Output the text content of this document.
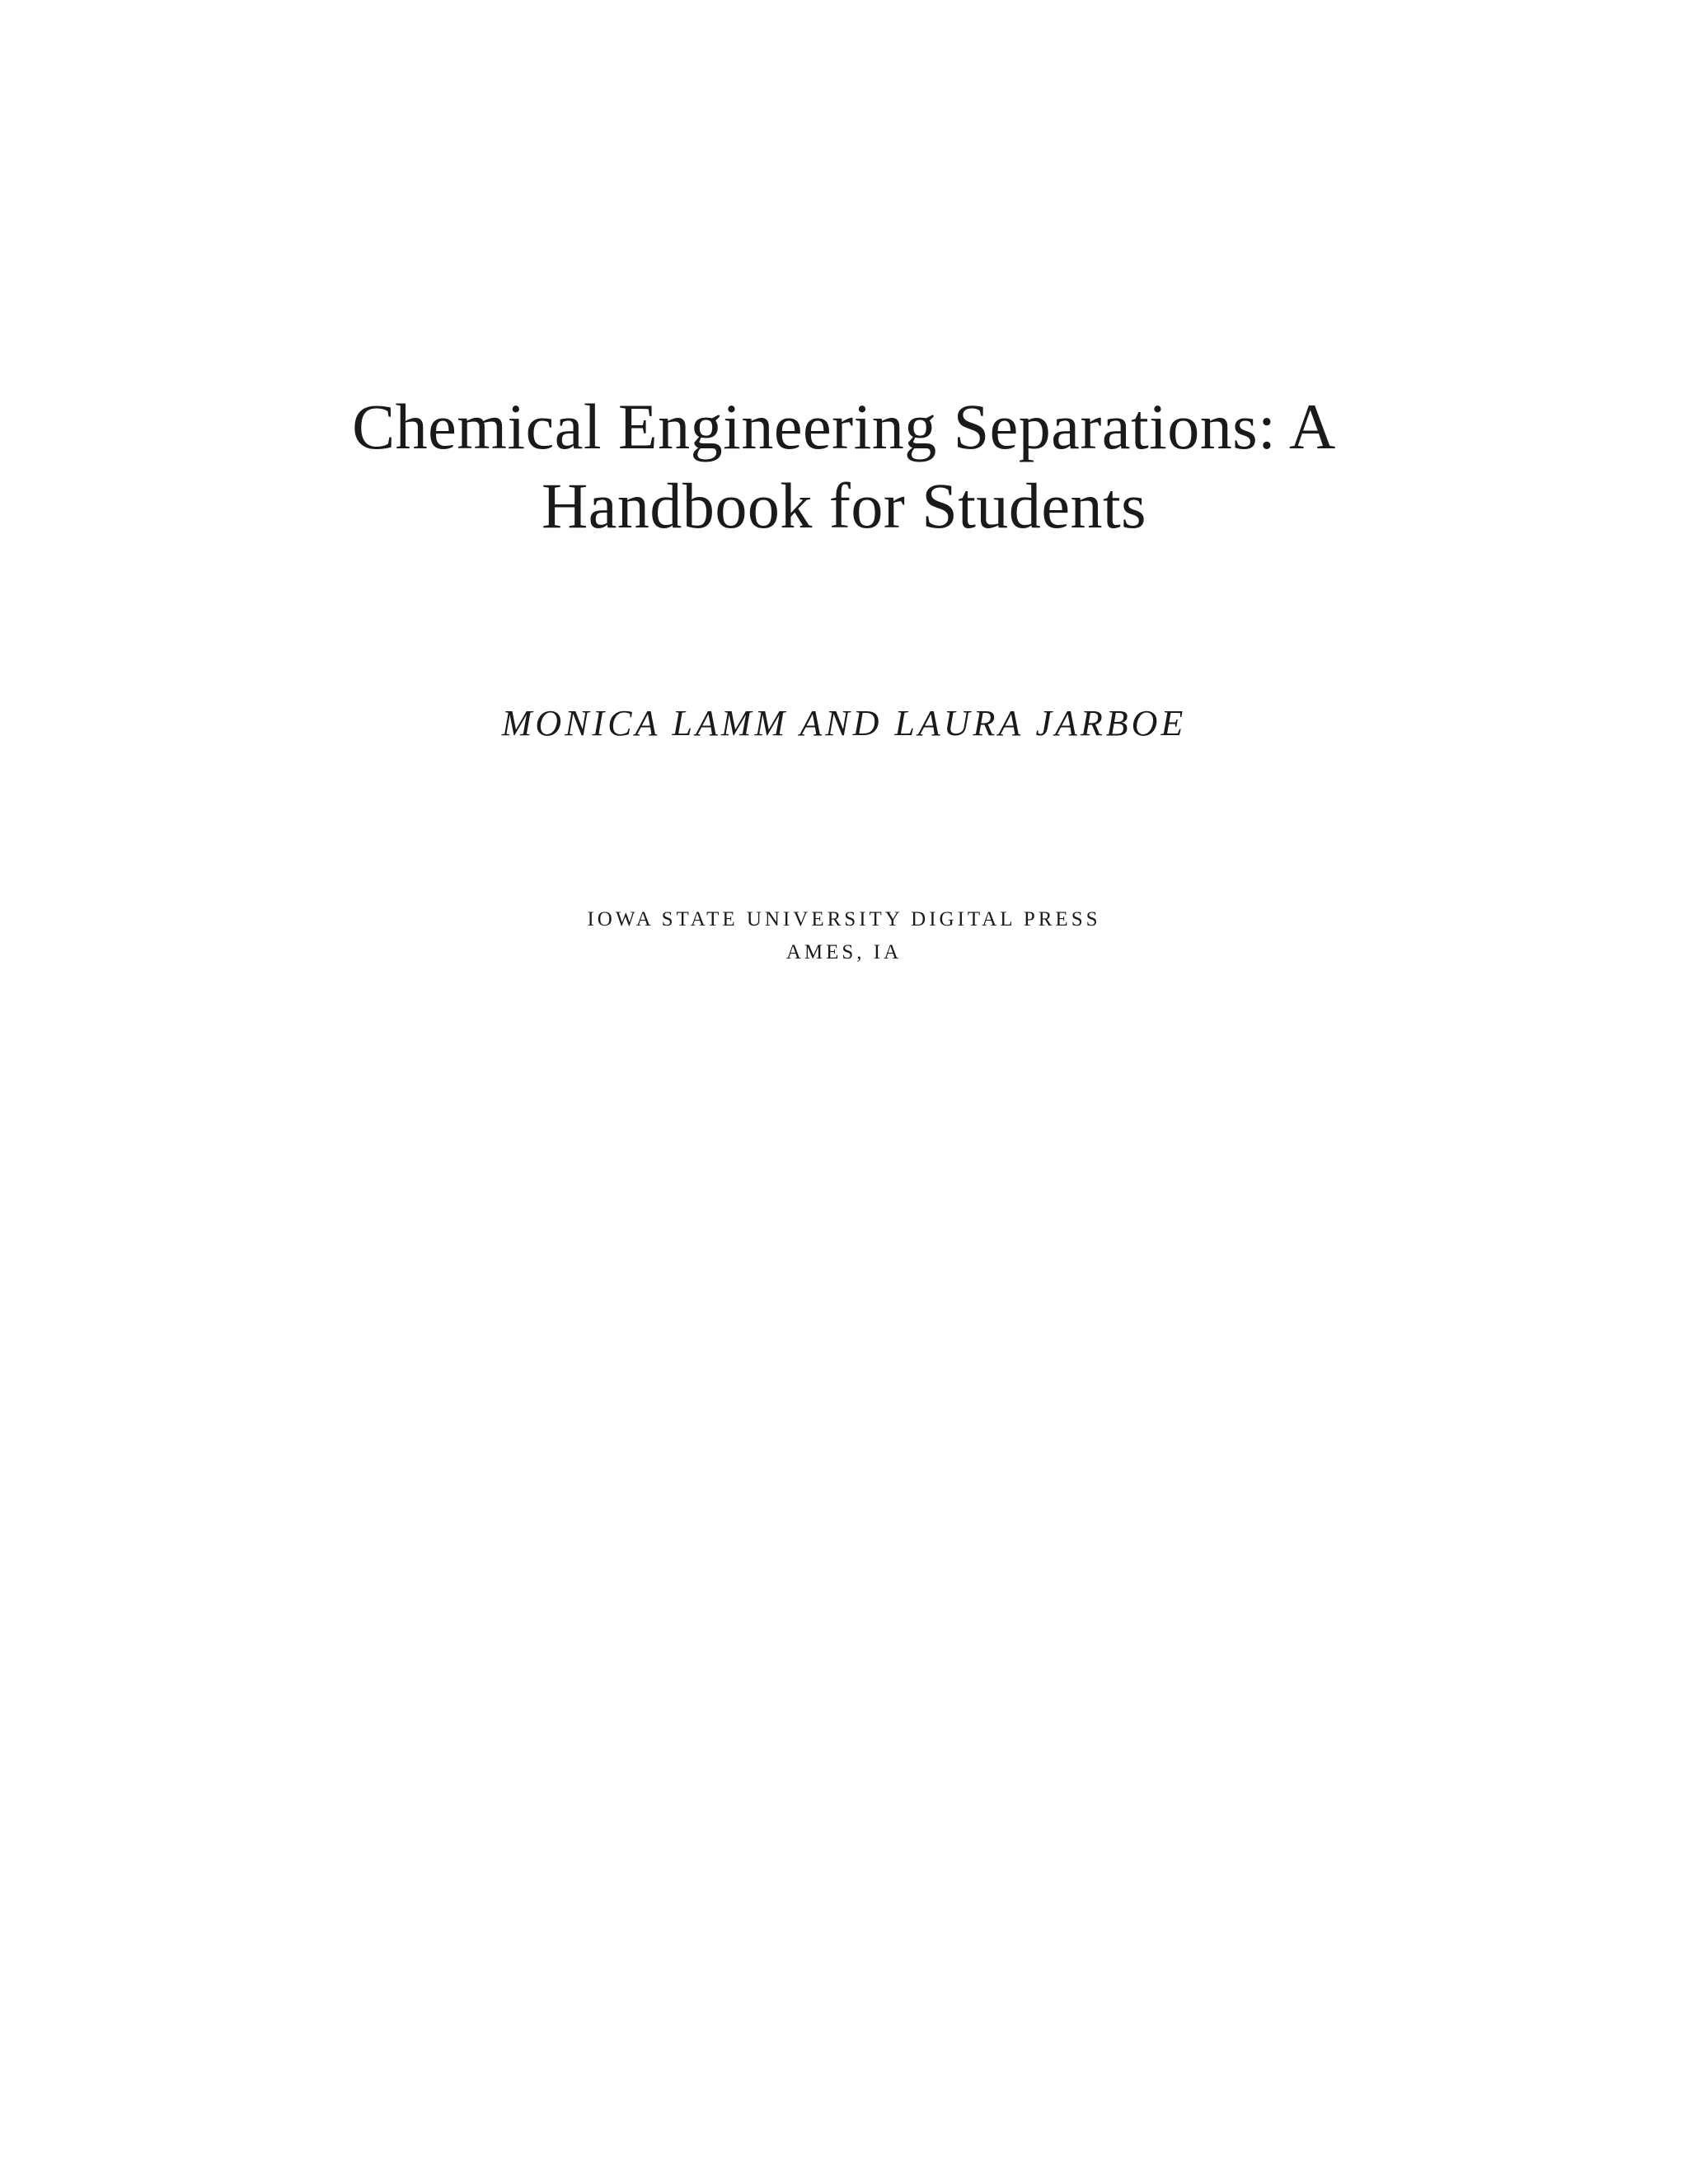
Chemical Engineering Separations: A
Handbook for Students
MONICA LAMM AND LAURA JARBOE
IOWA STATE UNIVERSITY DIGITAL PRESS
AMES, IA
